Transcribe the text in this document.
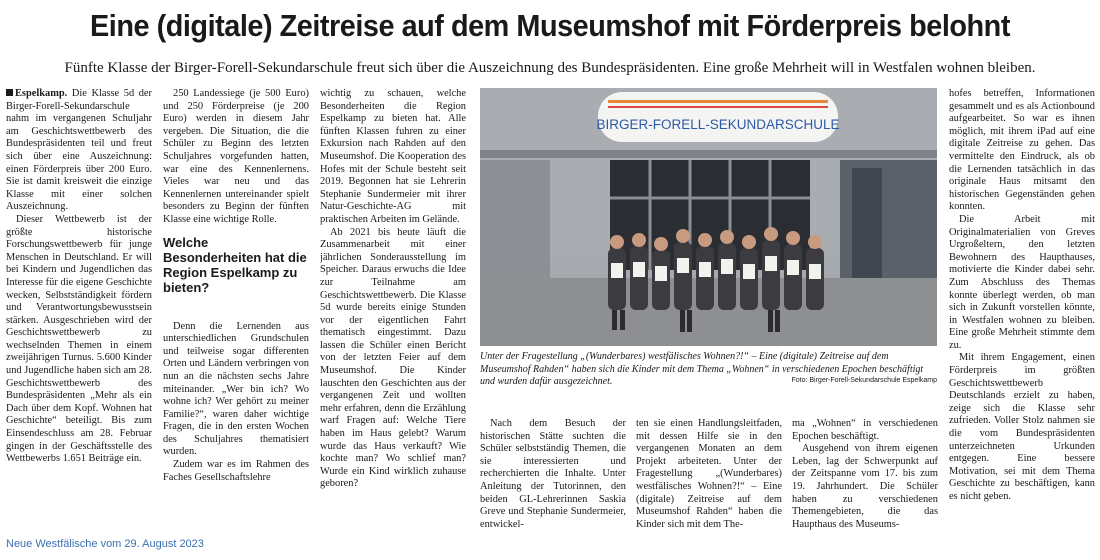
Eine (digitale) Zeitreise auf dem Museumshof mit Förderpreis belohnt
Fünfte Klasse der Birger-Forell-Sekundarschule freut sich über die Auszeichnung des Bundespräsidenten. Eine große Mehrheit will in Westfalen wohnen bleiben.

Espelkamp. Die Klasse 5d der Birger-Forell-Sekundarschule nahm im vergangenen Schuljahr am Geschichtswettbewerb des Bundespräsidenten teil und freut sich über eine Auszeichnung: einen Förderpreis über 200 Euro. Sie ist damit kreisweit die einzige Klasse mit einer solchen Auszeichnung.

Dieser Wettbewerb ist der größte historische Forschungswettbewerb für junge Menschen in Deutschland. Er will bei Kindern und Jugendlichen das Interesse für die eigene Geschichte wecken, Selbstständigkeit fördern und Verantwortungsbewusstsein stärken. Ausgeschrieben wird der Geschichtswettbewerb zu wechselnden Themen in einem zweijährigen Turnus. 5.600 Kinder und Jugendliche haben sich am 28. Geschichtswettbewerb des Bundespräsidenten „Mehr als ein Dach über dem Kopf. Wohnen hat Geschichte“ beteiligt. Bis zum Einsendeschluss am 28. Februar gingen in der Geschäftsstelle des Wettbewerbs 1.651 Beiträge ein.

250 Landessiege (je 500 Euro) und 250 Förderpreise (je 200 Euro) werden in diesem Jahr vergeben. Die Situation, die die Schüler zu Beginn des letzten Schuljahres vorgefunden hatten, war eine des Kennenlernens. Vieles war neu und das Kennenlernen untereinander spielt besonders zu Beginn der fünften Klasse eine wichtige Rolle.

Welche Besonderheiten hat die Region Espelkamp zu bieten?

Denn die Lernenden aus unterschiedlichen Grundschulen und teilweise sogar differenten Orten und Ländern verbringen von nun an die nächsten sechs Jahre miteinander. „Wer bin ich? Wo wohne ich? Wer gehört zu meiner Familie?“, waren daher wichtige Fragen, die in den ersten Wochen des Schuljahres thematisiert wurden.

Zudem war es im Rahmen des Faches Gesellschaftslehre

wichtig zu schauen, welche Besonderheiten die Region Espelkamp zu bieten hat. Alle fünften Klassen fuhren zu einer Exkursion nach Rahden auf den Museumshof. Die Kooperation des Hofes mit der Schule besteht seit 2019. Begonnen hat sie Lehrerin Stephanie Sundermeier mit ihrer Natur-Geschichte-AG mit praktischen Arbeiten im Gelände.

Ab 2021 bis heute läuft die Zusammenarbeit mit einer jährlichen Sonderausstellung im Speicher. Daraus erwuchs die Idee zur Teilnahme am Geschichtswettbewerb. Die Klasse 5d wurde bereits einige Stunden vor der eigentlichen Fahrt thematisch eingestimmt. Dazu lassen die Schüler einen Bericht von der letzten Feier auf dem Museumshof. Die Kinder lauschten den Geschichten aus der vergangenen Zeit und wollten mehr erfahren, denn die Erzählung warf Fragen auf: Welche Tiere haben im Haus gelebt? Warum wurde das Haus verkauft? Wie kochte man? Wo schlief man? Wurde ein Kind wirklich zuhause geboren?

BIRGER-FORELL-SEKUNDARSCHULE
Unter der Fragestellung „(Wunderbares) westfälisches Wohnen?!“ – Eine (digitale) Zeitreise auf dem Museumshof Rahden“ haben sich die Kinder mit dem Thema „Wohnen“ in verschiedenen Epochen beschäftigt und wurden dafür ausgezeichnet.	Foto: Birger-Forell-Sekundarschule Espelkamp

Nach dem Besuch der historischen Stätte suchten die Schüler selbstständig Themen, die sie interessierten und recherchierten die Inhalte. Unter Anleitung der Tutorinnen, den beiden GL-Lehrerinnen Saskia Greve und Stephanie Sundermeier, entwickel-

ten sie einen Handlungsleitfaden, mit dessen Hilfe sie in den vergangenen Monaten an dem Projekt arbeiteten. Unter der Fragestellung „(Wunderbares) westfälisches Wohnen?!“ – Eine (digitale) Zeitreise auf dem Museumshof Rahden“ haben die Kinder sich mit dem The-

ma „Wohnen“ in verschiedenen Epochen beschäftigt.

Ausgehend von ihrem eigenen Leben, lag der Schwerpunkt auf der Zeitspanne vom 17. bis zum 19. Jahrhundert. Die Schüler haben zu verschiedenen Themengebieten, die das Haupthaus des Museums-

hofes betreffen, Informationen gesammelt und es als Actionbound aufgearbeitet. So war es ihnen möglich, mit ihrem iPad auf eine digitale Zeitreise zu gehen. Das vermittelte den Eindruck, als ob die Lernenden tatsächlich in das originale Haus mitsamt den historischen Gegenständen gehen konnten.

Die Arbeit mit Originalmaterialien von Greves Urgroßeltern, den letzten Bewohnern des Haupthauses, motivierte die Kinder dabei sehr. Zum Abschluss des Themas konnte überlegt werden, ob man sich in Zukunft vorstellen könnte, in Westfalen wohnen zu bleiben. Eine große Mehrheit stimmte dem zu.

Mit ihrem Engagement, einen Förderpreis im größten Geschichtswettbewerb Deutschlands erzielt zu haben, zeige sich die Klasse sehr zufrieden. Voller Stolz nahmen sie die vom Bundespräsidenten unterzeichneten Urkunden entgegen. Eine bessere Motivation, sei mit dem Thema Geschichte zu beschäftigen, kann es nicht geben.

Neue Westfälische vom 29. August 2023
